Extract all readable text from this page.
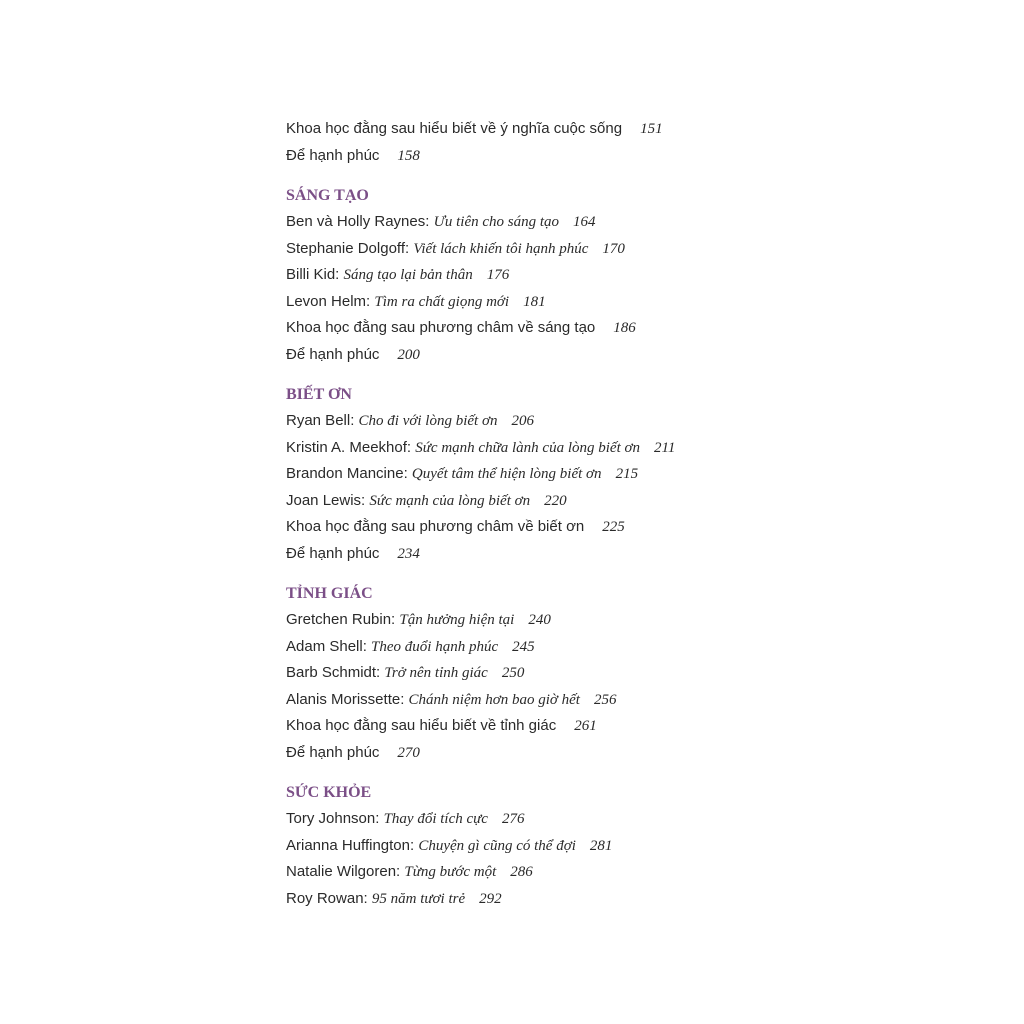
Khoa học đằng sau hiểu biết về ý nghĩa cuộc sống 151
Để hạnh phúc 158
SÁNG TẠO
Ben và Holly Raynes: Ưu tiên cho sáng tạo 164
Stephanie Dolgoff: Viết lách khiến tôi hạnh phúc 170
Billi Kid: Sáng tạo lại bản thân 176
Levon Helm: Tìm ra chất giọng mới 181
Khoa học đằng sau phương châm về sáng tạo 186
Để hạnh phúc 200
BIẾT ƠN
Ryan Bell: Cho đi với lòng biết ơn 206
Kristin A. Meekhof: Sức mạnh chữa lành của lòng biết ơn 211
Brandon Mancine: Quyết tâm thể hiện lòng biết ơn 215
Joan Lewis: Sức mạnh của lòng biết ơn 220
Khoa học đằng sau phương châm về biết ơn 225
Để hạnh phúc 234
TỈNH GIÁC
Gretchen Rubin: Tận hưởng hiện tại 240
Adam Shell: Theo đuổi hạnh phúc 245
Barb Schmidt: Trở nên tỉnh giác 250
Alanis Morissette: Chánh niệm hơn bao giờ hết 256
Khoa học đằng sau hiểu biết về tỉnh giác 261
Để hạnh phúc 270
SỨC KHỎE
Tory Johnson: Thay đổi tích cực 276
Arianna Huffington: Chuyện gì cũng có thể đợi 281
Natalie Wilgoren: Từng bước một 286
Roy Rowan: 95 năm tươi trẻ 292
